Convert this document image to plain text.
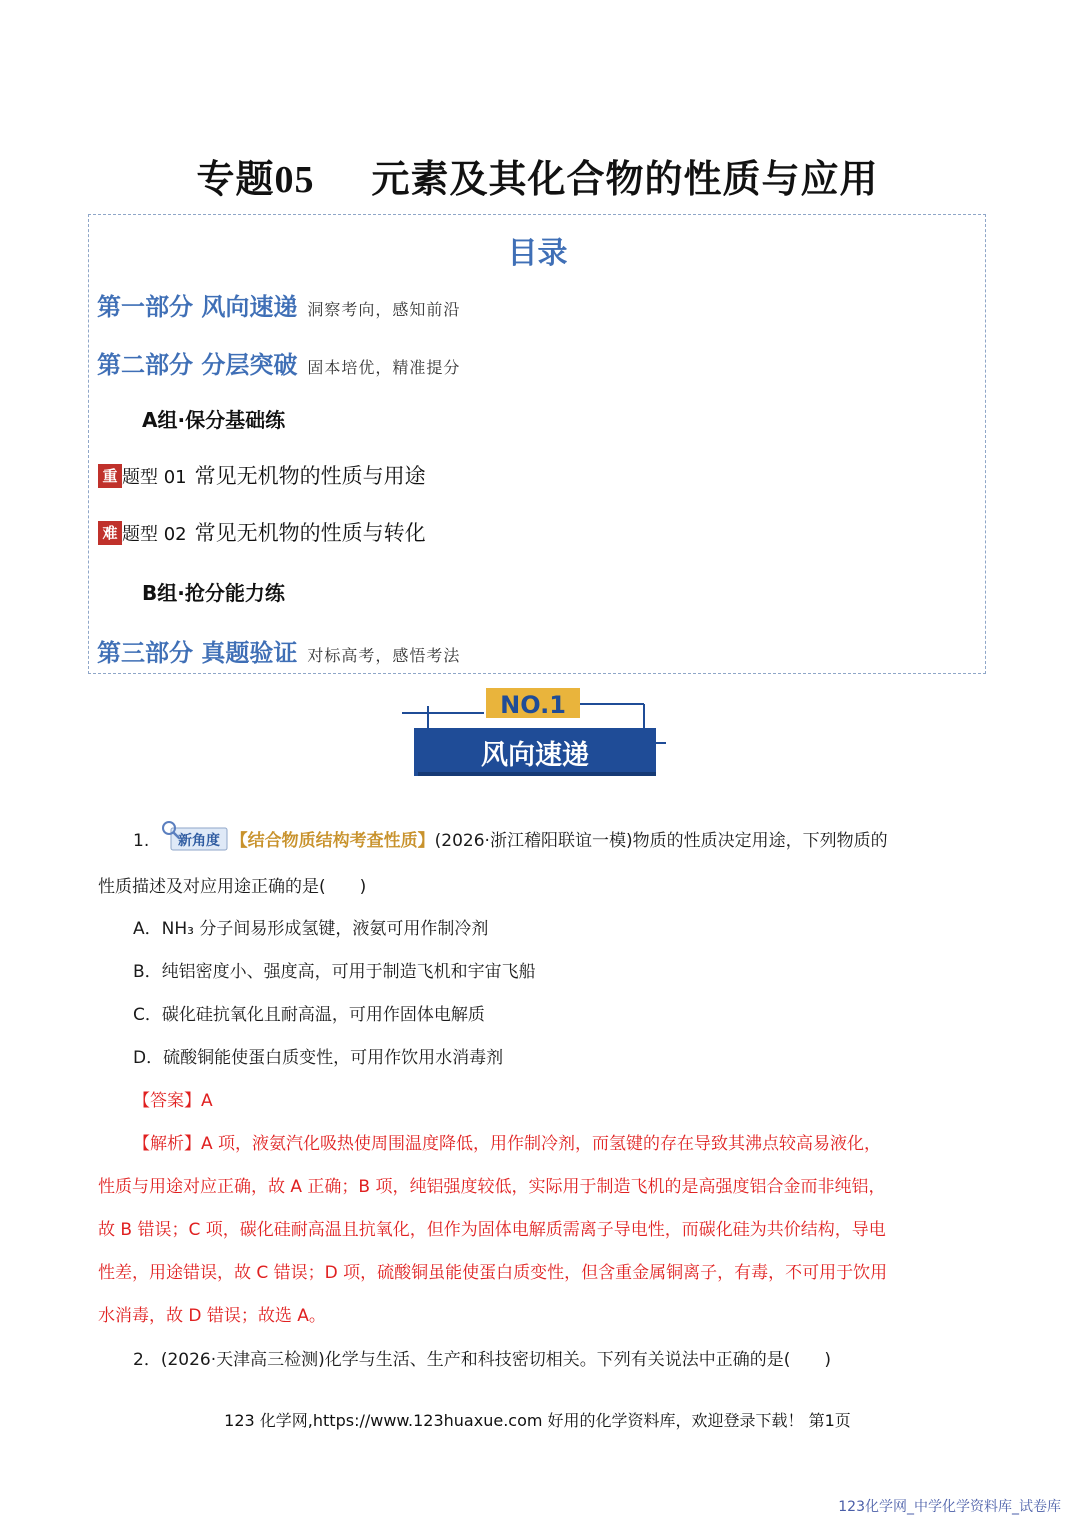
专题05 元素及其化合物的性质与应用
目录
第一部分 风向速递 洞察考向，感知前沿
第二部分 分层突破 固本培优，精准提分
A组·保分基础练
重 题型 01 常见无机物的性质与用途
难 题型 02 常见无机物的性质与转化
B组·抢分能力练
第三部分 真题验证 对标高考，感悟考法
NO.1
风向速递
1. 新角度 【结合物质结构考查性质】(2026·浙江稽阳联谊一模)物质的性质决定用途，下列物质的
性质描述及对应用途正确的是(　　)
A．NH₃ 分子间易形成氢键，液氨可用作制冷剂
B．纯铝密度小、强度高，可用于制造飞机和宇宙飞船
C．碳化硅抗氧化且耐高温，可用作固体电解质
D．硫酸铜能使蛋白质变性，可用作饮用水消毒剂
【答案】A
【解析】A 项，液氨汽化吸热使周围温度降低，用作制冷剂，而氢键的存在导致其沸点较高易液化，
性质与用途对应正确，故 A 正确；B 项，纯铝强度较低，实际用于制造飞机的是高强度铝合金而非纯铝，
故 B 错误；C 项，碳化硅耐高温且抗氧化，但作为固体电解质需离子导电性，而碳化硅为共价结构，导电
性差，用途错误，故 C 错误；D 项，硫酸铜虽能使蛋白质变性，但含重金属铜离子，有毒，不可用于饮用
水消毒，故 D 错误；故选 A。
2．(2026·天津高三检测)化学与生活、生产和科技密切相关。下列有关说法中正确的是(　　)
123 化学网,https://www.123huaxue.com 好用的化学资料库，欢迎登录下载！ 第1页
123化学网_中学化学资料库_试卷库
